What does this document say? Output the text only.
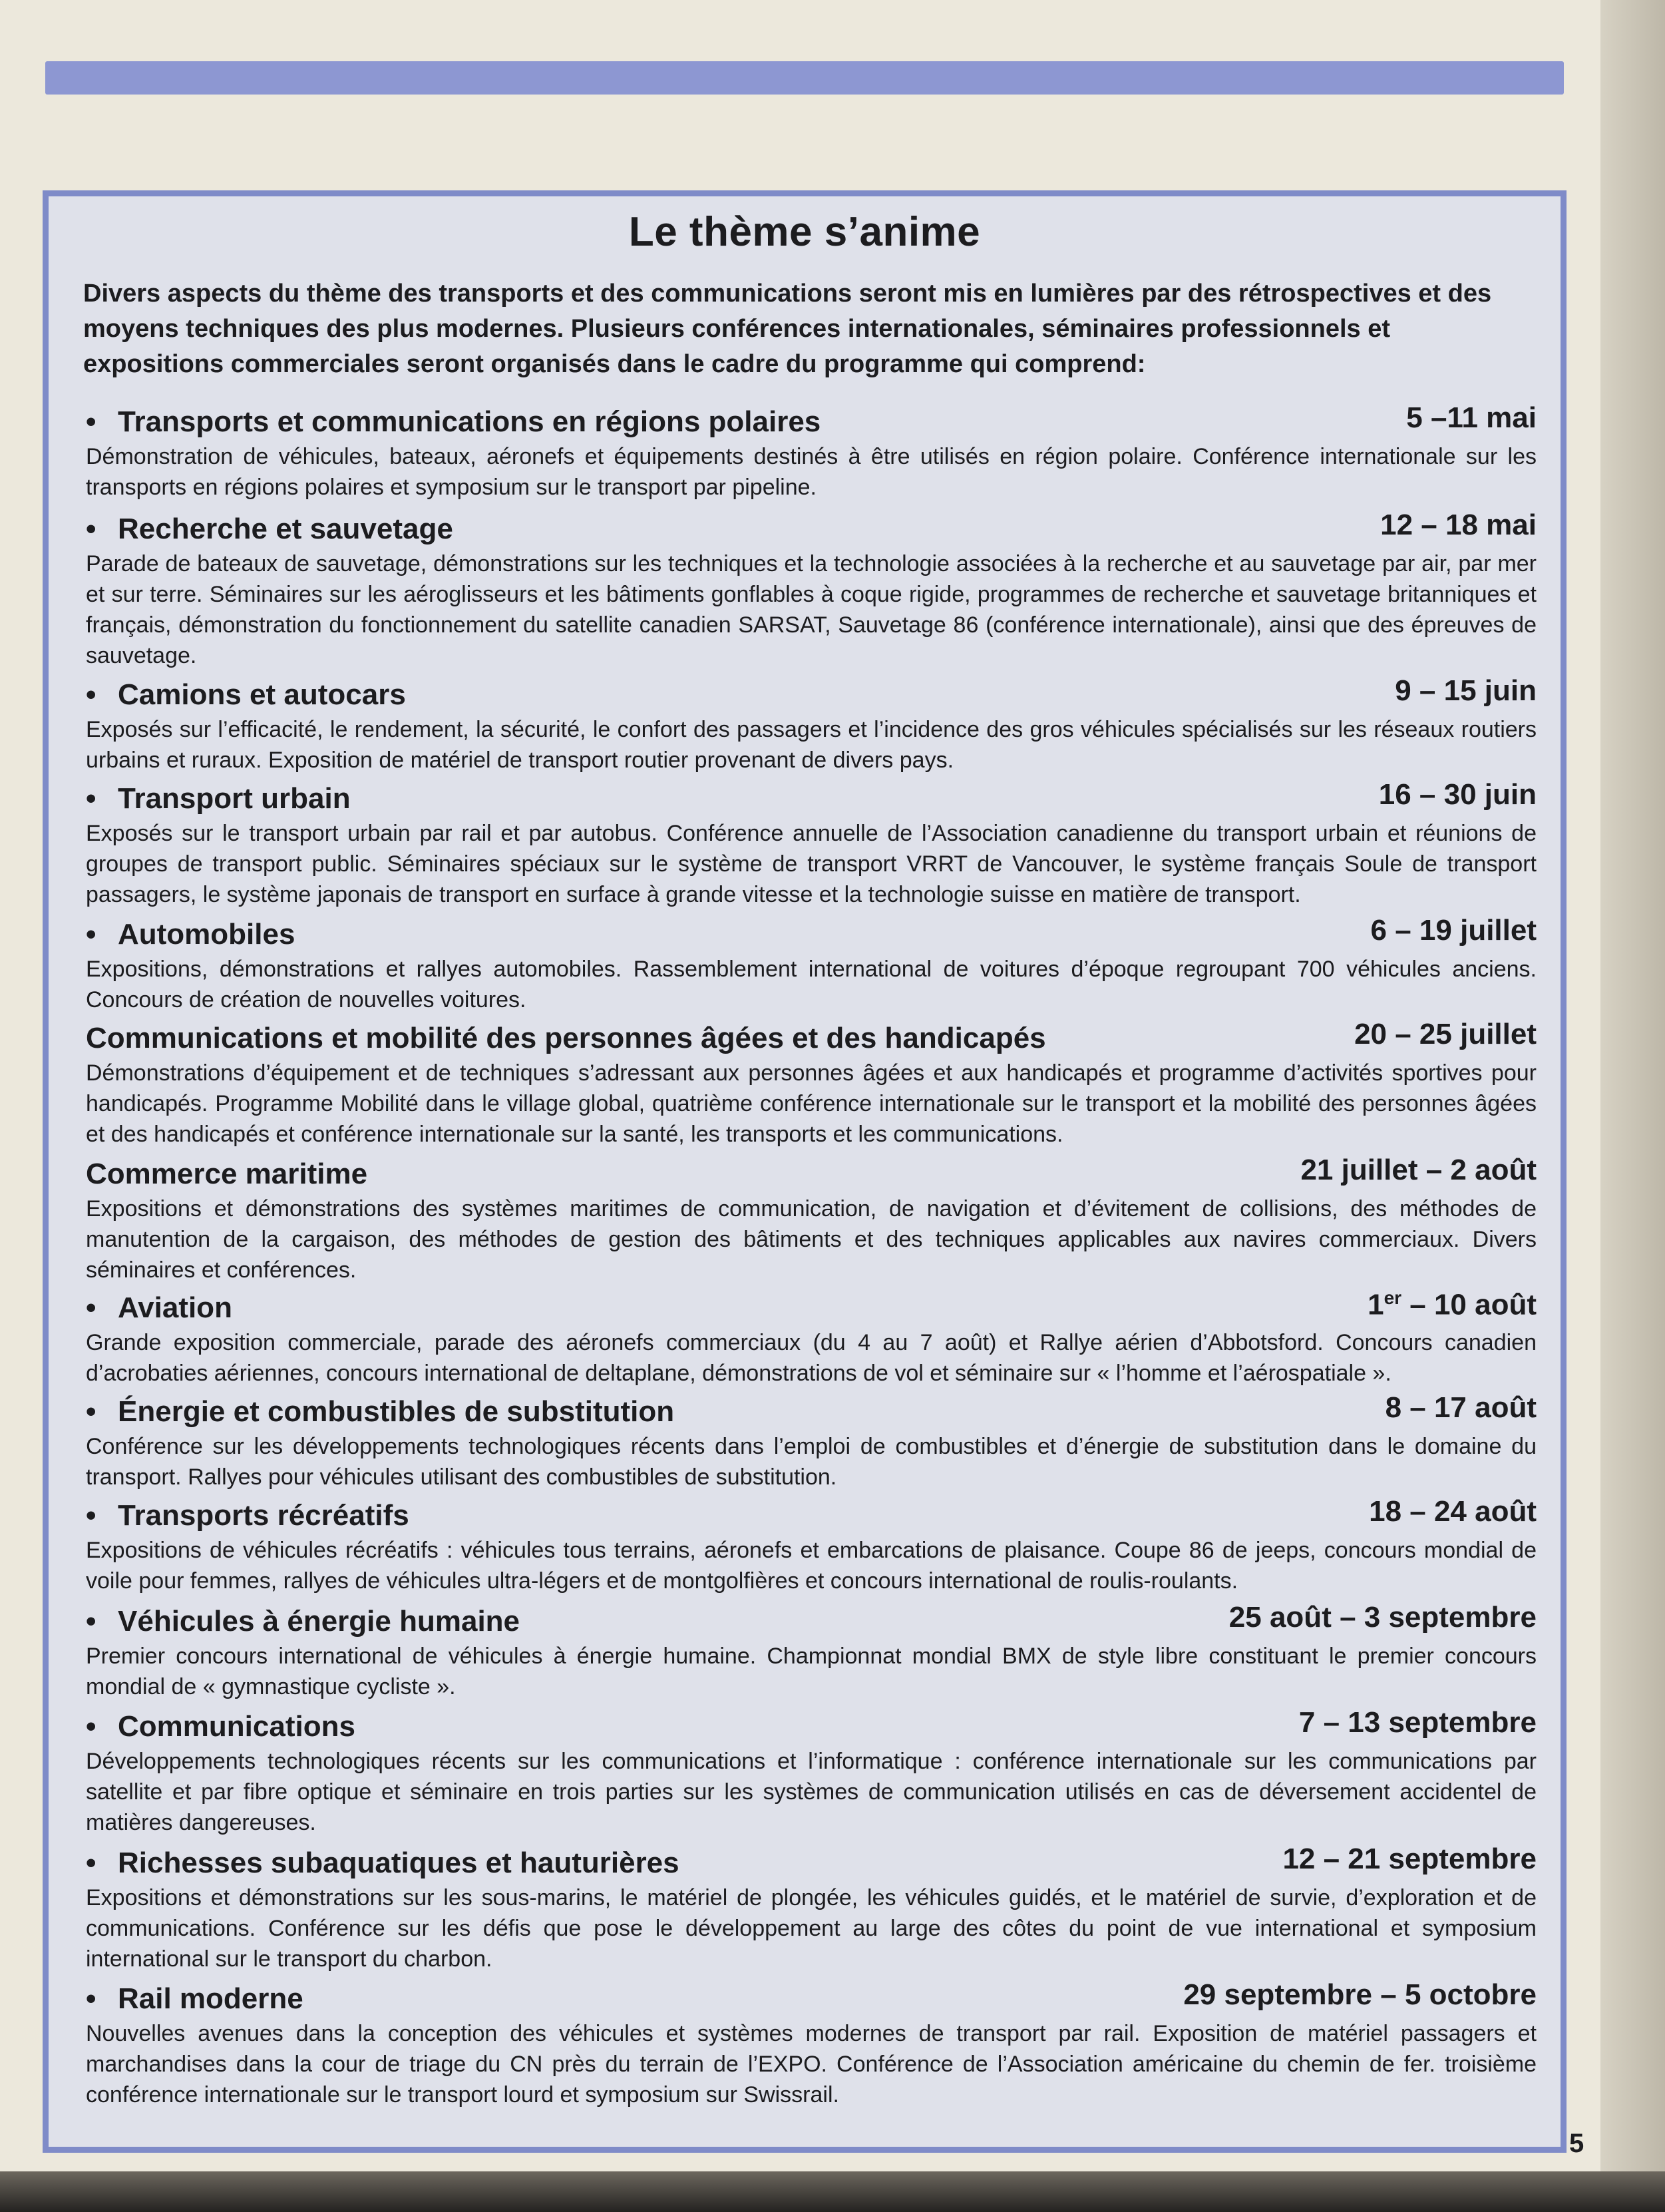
Le thème s’anime

Divers aspects du thème des transports et des communications seront mis en lumières par des rétrospectives et des moyens techniques des plus modernes. Plusieurs conférences internationales, séminaires professionnels et expositions commerciales seront organisés dans le cadre du programme qui comprend:

• Transports et communications en régions polaires	5 –11 mai

Démonstration de véhicules, bateaux, aéronefs et équipements destinés à être utilisés en région polaire. Conférence internationale sur les transports en régions polaires et symposium sur le transport par pipeline.

• Recherche et sauvetage	12 – 18 mai

Parade de bateaux de sauvetage, démonstrations sur les techniques et la technologie associées à la recherche et au sauvetage par air, par mer et sur terre. Séminaires sur les aéroglisseurs et les bâtiments gonflables à coque rigide, programmes de recherche et sauvetage britanniques et français, démonstration du fonctionnement du satellite canadien SARSAT, Sauvetage 86 (conférence internationale), ainsi que des épreuves de sauvetage.

• Camions et autocars	9 – 15 juin

Exposés sur l’efficacité, le rendement, la sécurité, le confort des passagers et l’incidence des gros véhicules spécialisés sur les réseaux routiers urbains et ruraux. Exposition de matériel de transport routier provenant de divers pays.

• Transport urbain	16 – 30 juin

Exposés sur le transport urbain par rail et par autobus. Conférence annuelle de l’Association canadienne du transport urbain et réunions de groupes de transport public. Séminaires spéciaux sur le système de transport VRRT de Vancouver, le système français Soule de transport passagers, le système japonais de transport en surface à grande vitesse et la technologie suisse en matière de transport.

• Automobiles	6 – 19 juillet

Expositions, démonstrations et rallyes automobiles. Rassemblement international de voitures d’époque regroupant 700 véhicules anciens. Concours de création de nouvelles voitures.

Communications et mobilité des personnes âgées et des handicapés	20 – 25 juillet

Démonstrations d’équipement et de techniques s’adressant aux personnes âgées et aux handicapés et programme d’activités sportives pour handicapés. Programme Mobilité dans le village global, quatrième conférence internationale sur le transport et la mobilité des personnes âgées et des handicapés et conférence internationale sur la santé, les transports et les communications.

Commerce maritime	21 juillet – 2 août

Expositions et démonstrations des systèmes maritimes de communication, de navigation et d’évitement de collisions, des méthodes de manutention de la cargaison, des méthodes de gestion des bâtiments et des techniques applicables aux navires commerciaux. Divers séminaires et conférences.

• Aviation	1er – 10 août

Grande exposition commerciale, parade des aéronefs commerciaux (du 4 au 7 août) et Rallye aérien d’Abbotsford. Concours canadien d’acrobaties aériennes, concours international de deltaplane, démonstrations de vol et séminaire sur « l’homme et l’aérospatiale ».

• Énergie et combustibles de substitution	8 – 17 août

Conférence sur les développements technologiques récents dans l’emploi de combustibles et d’énergie de substitution dans le domaine du transport. Rallyes pour véhicules utilisant des combustibles de substitution.

• Transports récréatifs	18 – 24 août

Expositions de véhicules récréatifs : véhicules tous terrains, aéronefs et embarcations de plaisance. Coupe 86 de jeeps, concours mondial de voile pour femmes, rallyes de véhicules ultra-légers et de montgolfières et concours international de roulis-roulants.

• Véhicules à énergie humaine	25 août – 3 septembre

Premier concours international de véhicules à énergie humaine. Championnat mondial BMX de style libre constituant le premier concours mondial de « gymnastique cycliste ».

• Communications	7 – 13 septembre

Développements technologiques récents sur les communications et l’informatique : conférence internationale sur les communications par satellite et par fibre optique et séminaire en trois parties sur les systèmes de communication utilisés en cas de déversement accidentel de matières dangereuses.

• Richesses subaquatiques et hauturières	12 – 21 septembre

Expositions et démonstrations sur les sous-marins, le matériel de plongée, les véhicules guidés, et le matériel de survie, d’exploration et de communications. Conférence sur les défis que pose le développement au large des côtes du point de vue international et symposium international sur le transport du charbon.

• Rail moderne	29 septembre – 5 octobre

Nouvelles avenues dans la conception des véhicules et systèmes modernes de transport par rail. Exposition de matériel passagers et marchandises dans la cour de triage du CN près du terrain de l’EXPO. Conférence de l’Association américaine du chemin de fer. troisième conférence internationale sur le transport lourd et symposium sur Swissrail.

5
